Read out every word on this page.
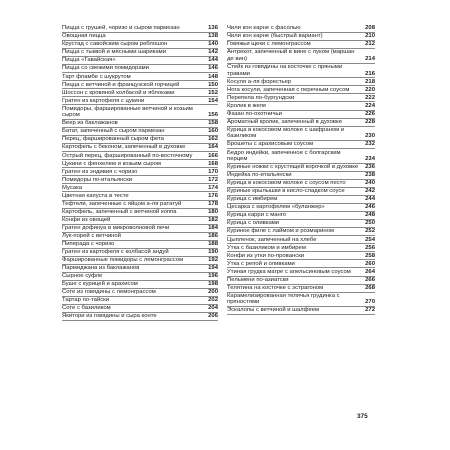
Пицца с грушей, чоризо и сыром пармезан	136
Овощная пицца	138
Крустад с савойским сыром реблошон	140
Пицца с тыквой и мясными шариками	142
Пицца «Гавайская»	144
Пицца со свежими помидорами	146
Тарт фламбе с шукрутом	148
Пицца с ветчиной и французской горчицей	150
Шоссон с кровяной колбасой и яблоками	152
Гратен из картофеля с цукини	154
Помидоры, фаршированные ветчиной и козьим сыром	156
Веер из баклажанов	158
Батат, запеченный с сыром пармезан	160
Перец, фаршированный сыром фета	162
Картофель с беконом, запеченный в духовке	164
Острый перец, фаршированный по-восточному	166
Цукини с фенхелем и козьим сыром	168
Гратен из эндивия с чоризо	170
Помидоры по-итальянски	172
Мусака	174
Цветная капуста в тесте	176
Тефтели, запеченные с яйцом а-ля рататуй	178
Картофель, запеченный с ветчиной коппа	180
Конфи из овощей	182
Гратен дофинуа в микроволновой печи	184
Лук-порей с ветчиной	186
Пиперада с чоризо	188
Гратен из картофеля с колбасой андуй	190
Фаршированные помидоры с лемонграссом	192
Пармиджана из баклажанов	194
Сырное суфле	196
Буше с курицей и арахисом	198
Соте из говядины с лемонграссом	200
Тартар по-тайски	202
Соте с базиликом	204
Якитори из говядины и сыра конте	206
Чили кон карне с фасолью	208
Чили кон карне (быстрый вариант)	210
Говяжьи щеки с лемонграссом	212
Антрекот, запеченный в вине с луком (маршан де вин)	214
Стейк из говядины на косточке с пряными травами	216
Косуля а-ля форестьер	218
Нога косули, запеченная с перечным соусом	220
Перепела по-бургундски	222
Кролик в желе	224
Фазан по-охотничьи	226
Ароматный кролик, запеченный в духовке	228
Курица в кокосовом молоке с шафраном и базиликом	230
Брошеты с арахисовым соусом	232
Бедро индейки, запеченное с болгарским перцем	234
Куриные ножки с хрустящей корочкой в духовке	236
Индейка по-итальянски	238
Курица в кокосовом молоке с соусом песто	240
Куриные крылышки в кисло-сладком соусе	242
Курица с имбирем	244
Цесарка с картофелем «буланжер»	246
Курица карри с манго	248
Курица с оливками	250
Куриное филе с лаймом и розмарином	252
Цыпленок, запеченный на хлебе	254
Утка с базиликом и имбирем	256
Конфи из утки по-провански	258
Утка с репой и оливками	260
Утиная грудка магре с апельсиновым соусом	264
Пельмени по-азиатски	266
Телятина на косточке с эстрагоном	268
Карамелизированная телячья грудинка с пряностями	270
Эскалопы с ветчиной и шалфеем	272
375
